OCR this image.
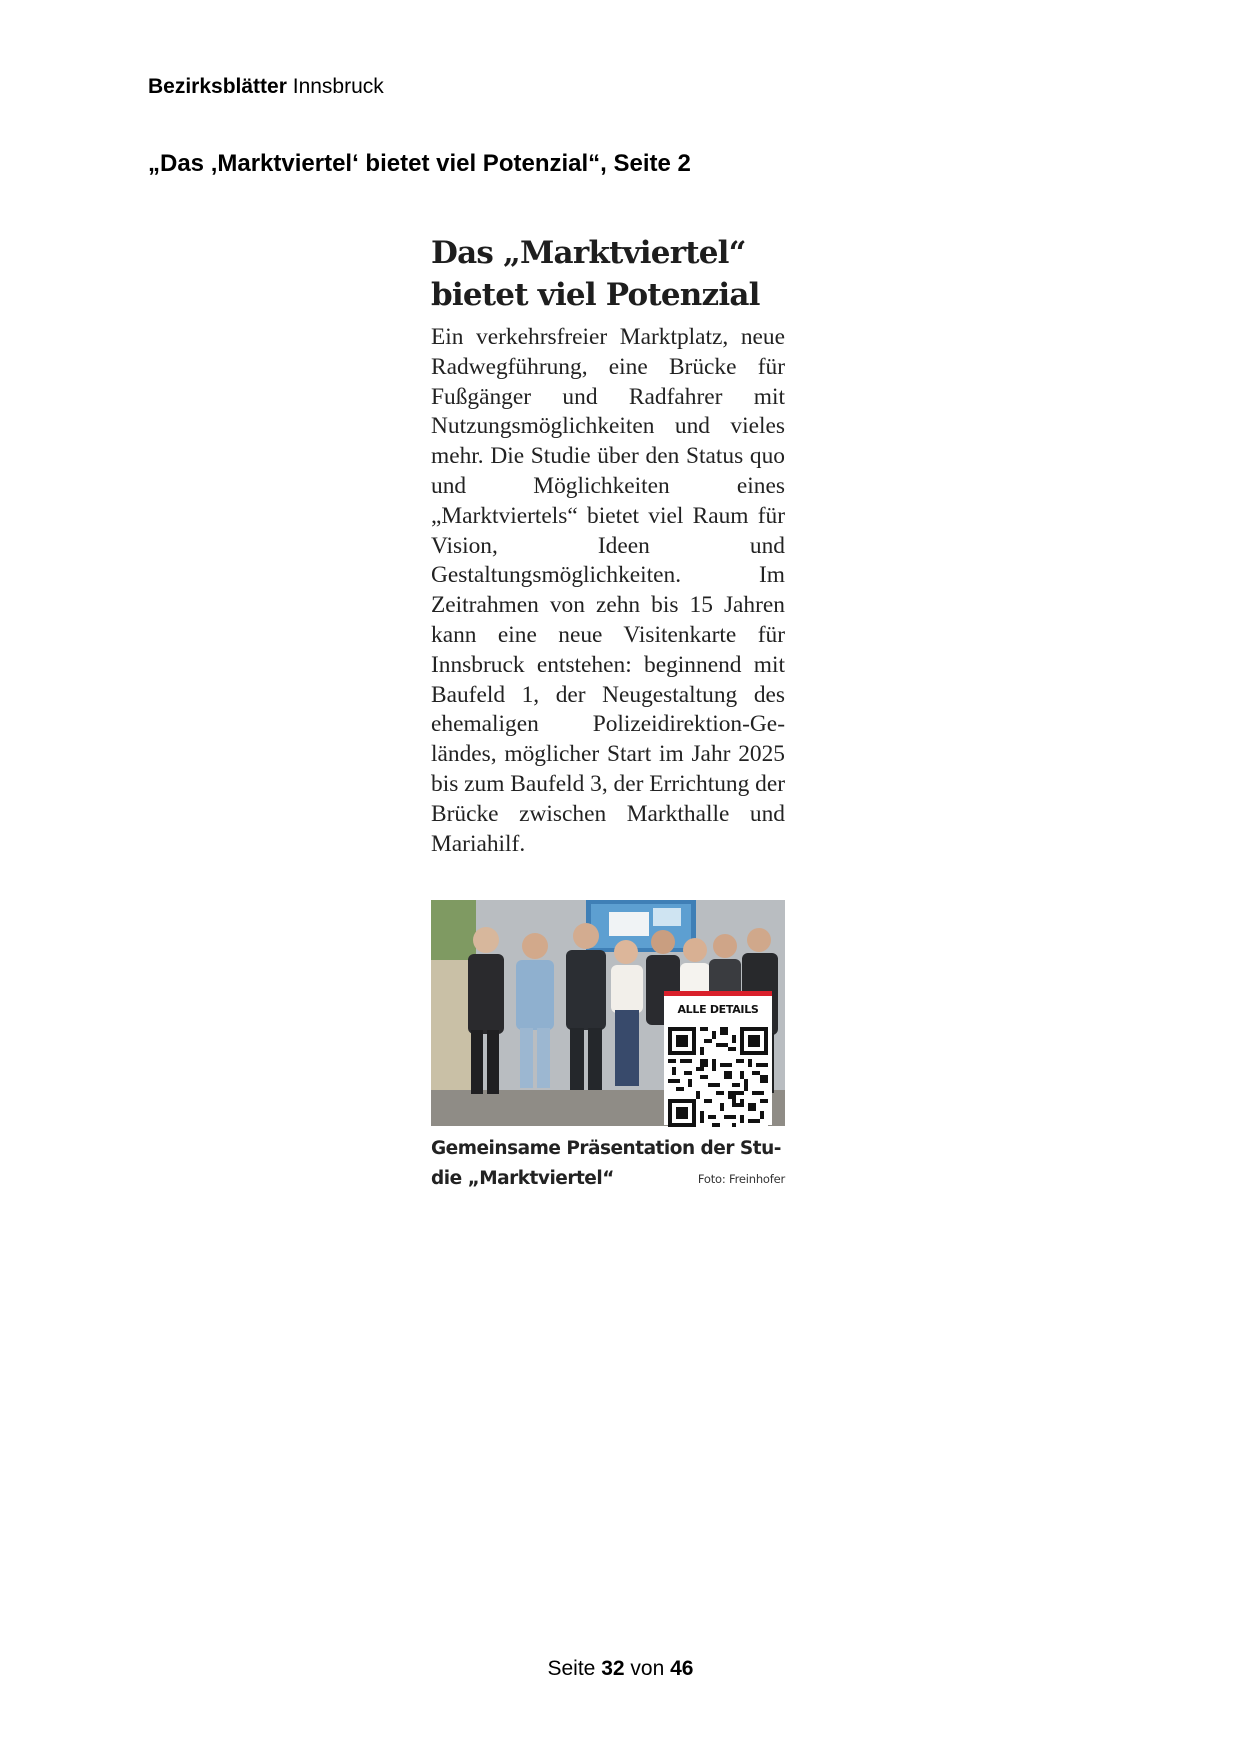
Bezirksblätter Innsbruck
„Das ‚Marktviertel‘ bietet viel Potenzial“, Seite 2
Das „Marktviertel“
bietet viel Potenzial

Ein verkehrsfreier Marktplatz, neue Radwegführung, eine Brücke für Fußgänger und Radfahrer mit Nutzungsmöglichkeiten und vieles mehr. Die Studie über den Status quo und Möglichkeiten eines „Marktviertels“ bietet viel Raum für Vision, Ideen und Gestaltungsmöglichkeiten. Im Zeitrahmen von zehn bis 15 Jahren kann eine neue Visitenkarte für Innsbruck entstehen: beginnend mit Baufeld 1, der Neugestaltung des ehemaligen Polizeidirektion-Geländes, möglicher Start im Jahr 2025 bis zum Baufeld 3, der Errichtung der Brücke zwischen Markthalle und Mariahilf.

ALLE DETAILS
Gemeinsame Präsentation der Studie „Marktviertel“	Foto: Freinhofer
Seite 32 von 46
